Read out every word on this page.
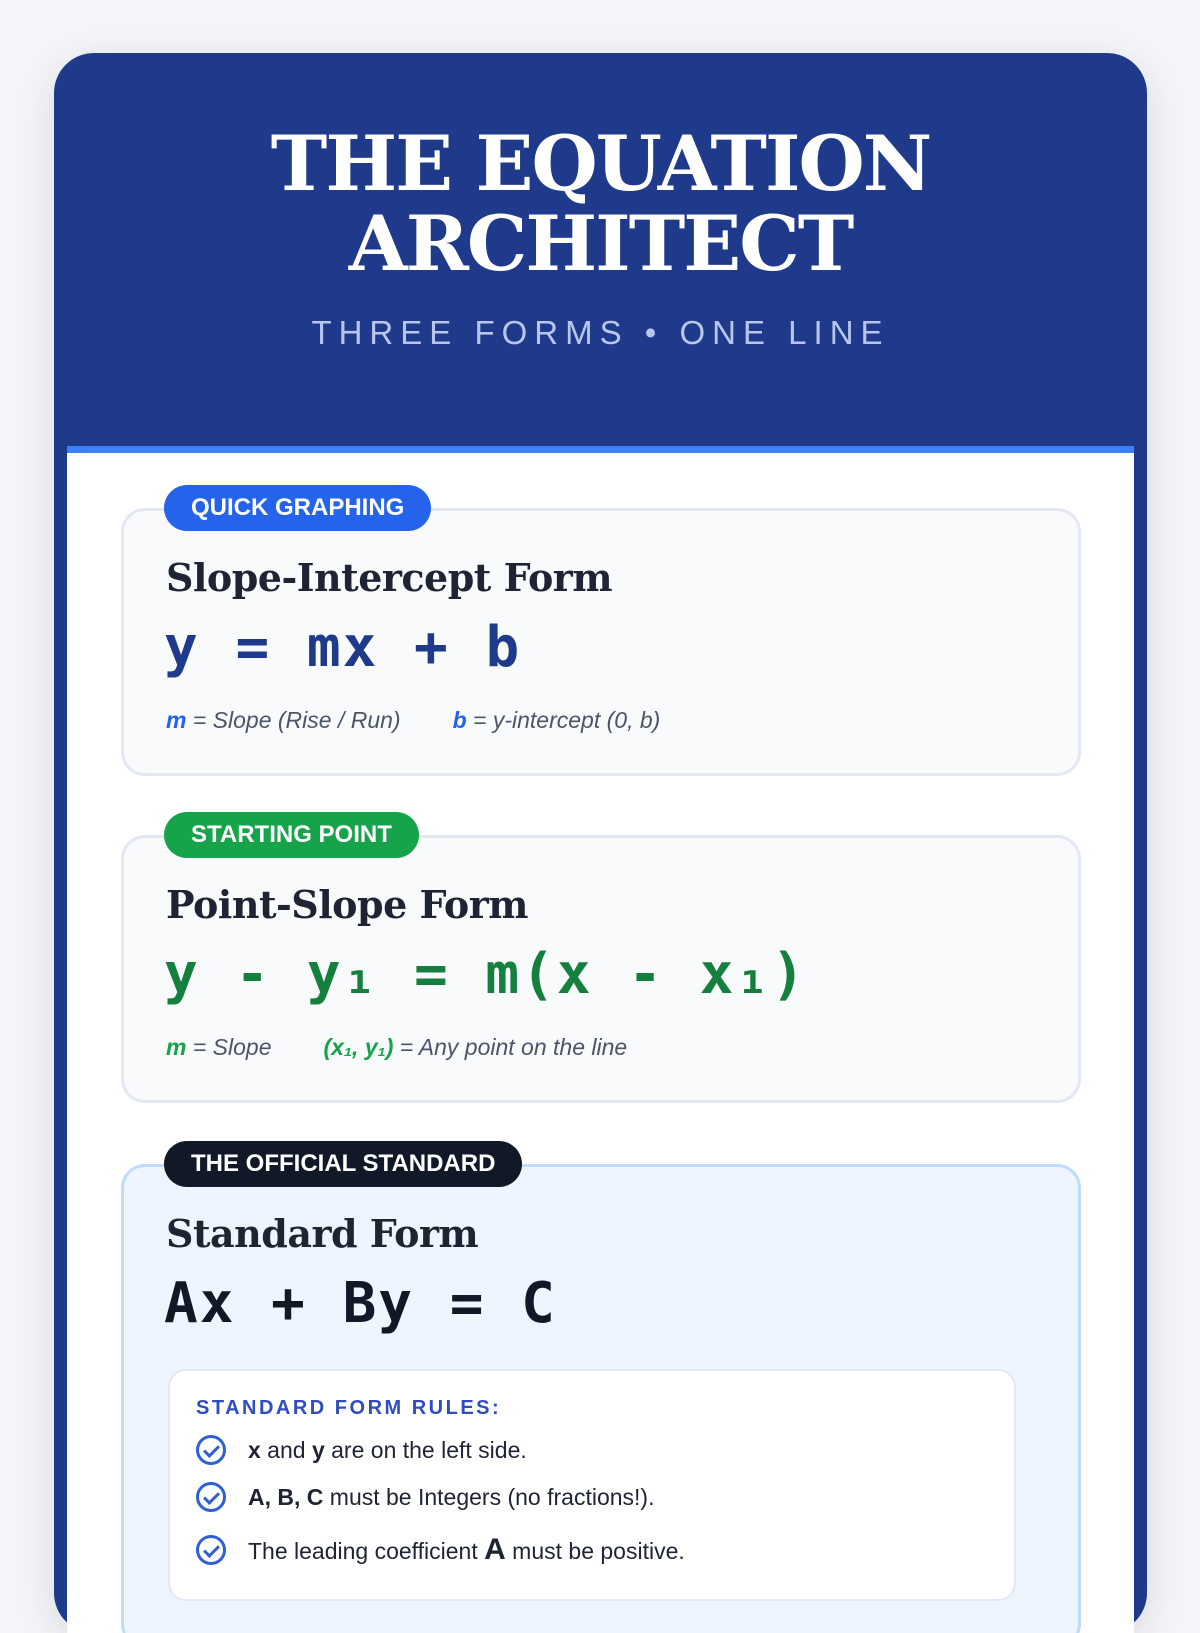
THE EQUATION
ARCHITECT
THREE FORMS • ONE LINE
QUICK GRAPHING
Slope-Intercept Form
y = mx + b
m = Slope (Rise / Run) b = y-intercept (0, b)
STARTING POINT
Point-Slope Form
y - y₁ = m(x - x₁)
m = Slope (x₁, y₁) = Any point on the line
THE OFFICIAL STANDARD
Standard Form
Ax + By = C
STANDARD FORM RULES:
x and y are on the left side.
A, B, C must be Integers (no fractions!).
The leading coefficient A must be positive.
